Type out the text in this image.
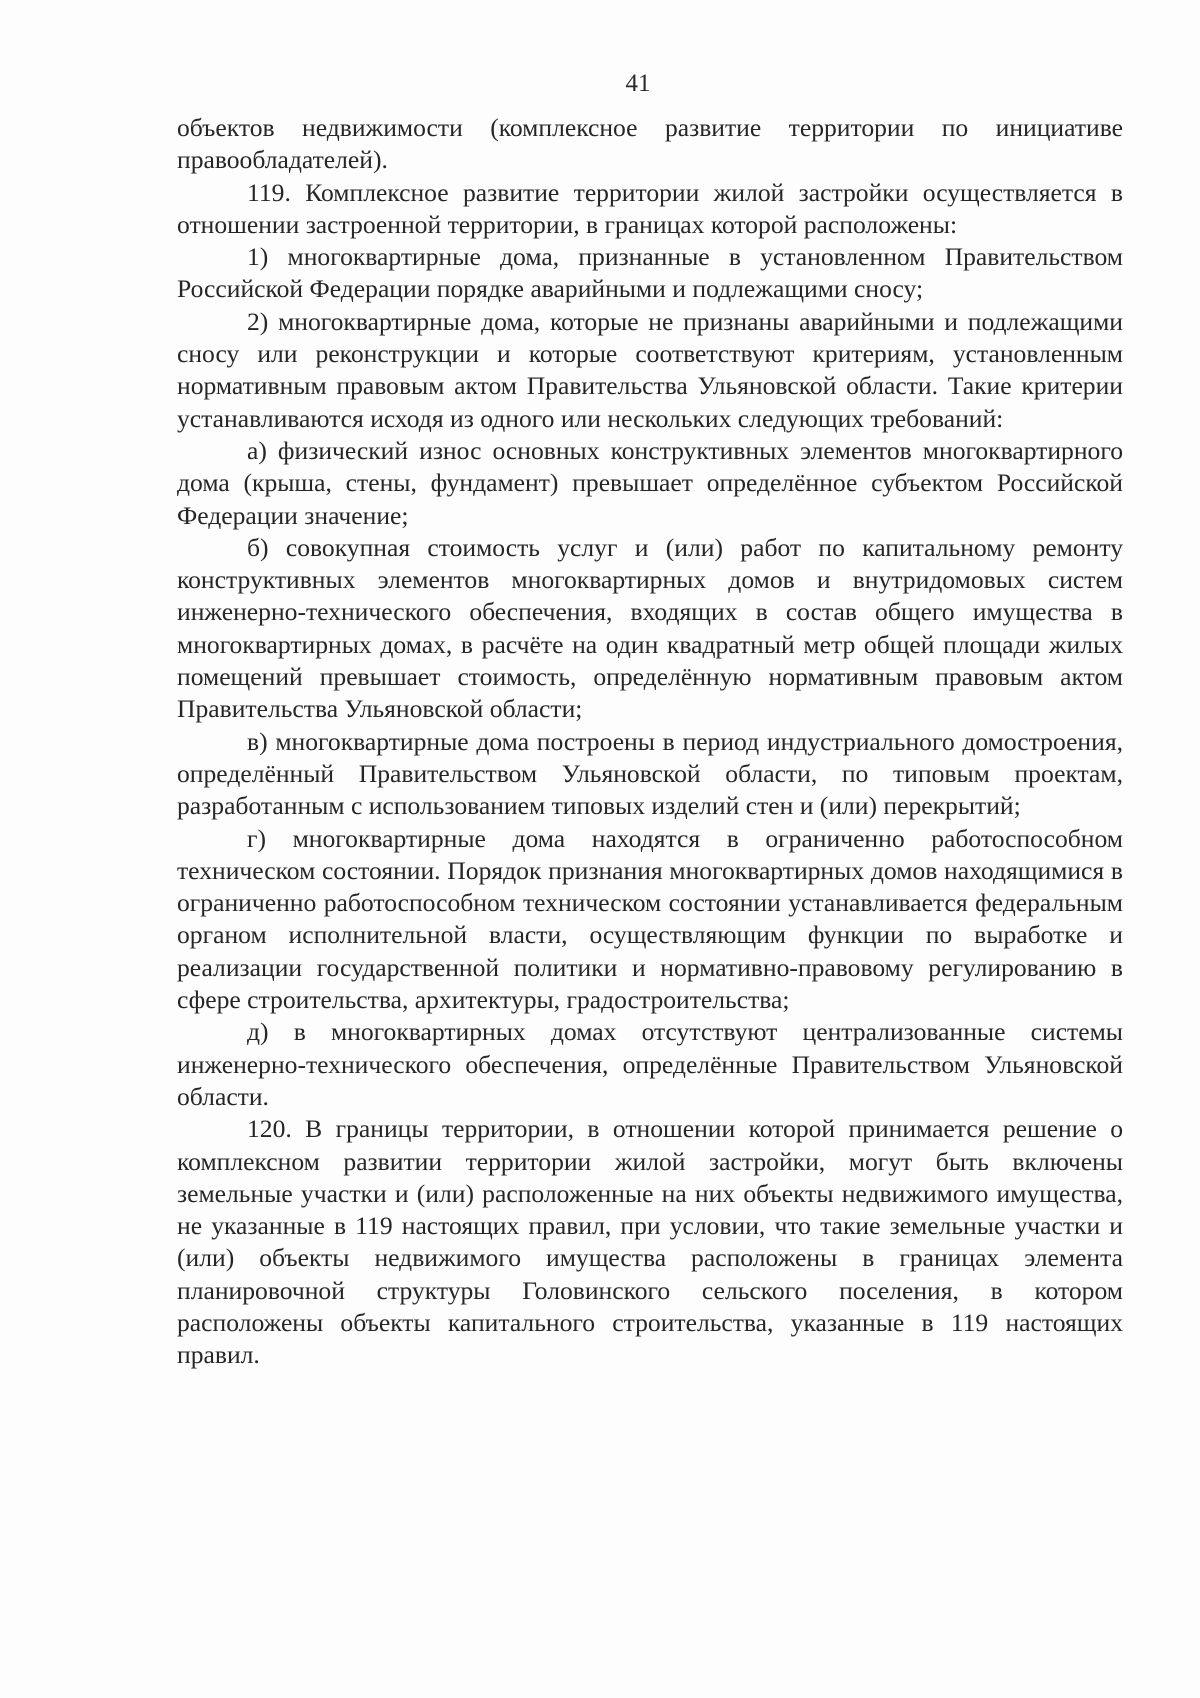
41

объектов недвижимости (комплексное развитие территории по инициативе правообладателей).

119. Комплексное развитие территории жилой застройки осуществляется в отношении застроенной территории, в границах которой расположены:

1) многоквартирные дома, признанные в установленном Правительством Российской Федерации порядке аварийными и подлежащими сносу;

2) многоквартирные дома, которые не признаны аварийными и подлежащими сносу или реконструкции и которые соответствуют критериям, установленным нормативным правовым актом Правительства Ульяновской области. Такие критерии устанавливаются исходя из одного или нескольких следующих требований:

а) физический износ основных конструктивных элементов многоквартирного дома (крыша, стены, фундамент) превышает определённое субъектом Российской Федерации значение;

б) совокупная стоимость услуг и (или) работ по капитальному ремонту конструктивных элементов многоквартирных домов и внутридомовых систем инженерно-технического обеспечения, входящих в состав общего имущества в многоквартирных домах, в расчёте на один квадратный метр общей площади жилых помещений превышает стоимость, определённую нормативным правовым актом Правительства Ульяновской области;

в) многоквартирные дома построены в период индустриального домостроения, определённый Правительством Ульяновской области, по типовым проектам, разработанным с использованием типовых изделий стен и (или) перекрытий;

г) многоквартирные дома находятся в ограниченно работоспособном техническом состоянии. Порядок признания многоквартирных домов находящимися в ограниченно работоспособном техническом состоянии устанавливается федеральным органом исполнительной власти, осуществляющим функции по выработке и реализации государственной политики и нормативно-правовому регулированию в сфере строительства, архитектуры, градостроительства;

д) в многоквартирных домах отсутствуют централизованные системы инженерно-технического обеспечения, определённые Правительством Ульяновской области.

120. В границы территории, в отношении которой принимается решение о комплексном развитии территории жилой застройки, могут быть включены земельные участки и (или) расположенные на них объекты недвижимого имущества, не указанные в 119 настоящих правил, при условии, что такие земельные участки и (или) объекты недвижимого имущества расположены в границах элемента планировочной структуры Головинского сельского поселения, в котором расположены объекты капитального строительства, указанные в 119 настоящих правил.
